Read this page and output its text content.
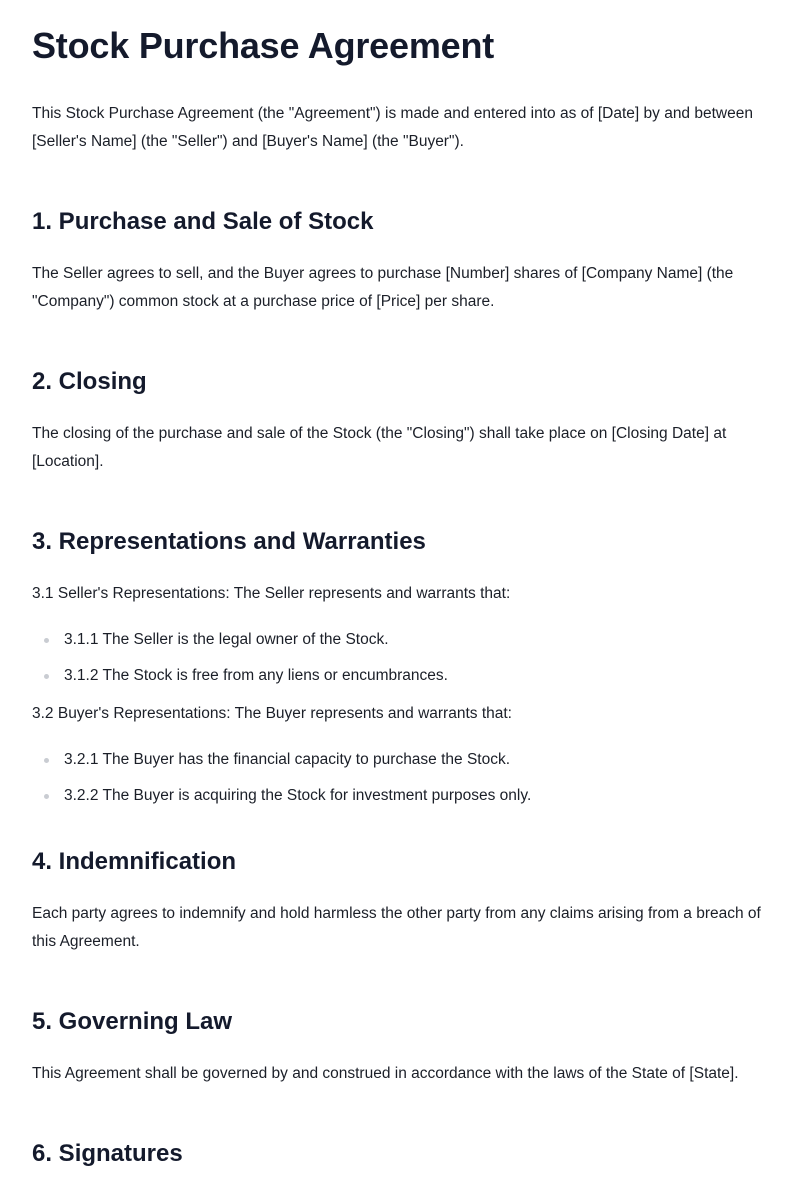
Stock Purchase Agreement

This Stock Purchase Agreement (the "Agreement") is made and entered into as of [Date] by and between [Seller's Name] (the "Seller") and [Buyer's Name] (the "Buyer").

1. Purchase and Sale of Stock

The Seller agrees to sell, and the Buyer agrees to purchase [Number] shares of [Company Name] (the "Company") common stock at a purchase price of [Price] per share.

2. Closing

The closing of the purchase and sale of the Stock (the "Closing") shall take place on [Closing Date] at [Location].

3. Representations and Warranties

3.1 Seller's Representations: The Seller represents and warrants that:

3.1.1 The Seller is the legal owner of the Stock.
3.1.2 The Stock is free from any liens or encumbrances.

3.2 Buyer's Representations: The Buyer represents and warrants that:

3.2.1 The Buyer has the financial capacity to purchase the Stock.
3.2.2 The Buyer is acquiring the Stock for investment purposes only.
4. Indemnification

Each party agrees to indemnify and hold harmless the other party from any claims arising from a breach of this Agreement.

5. Governing Law

This Agreement shall be governed by and construed in accordance with the laws of the State of [State].

6. Signatures
